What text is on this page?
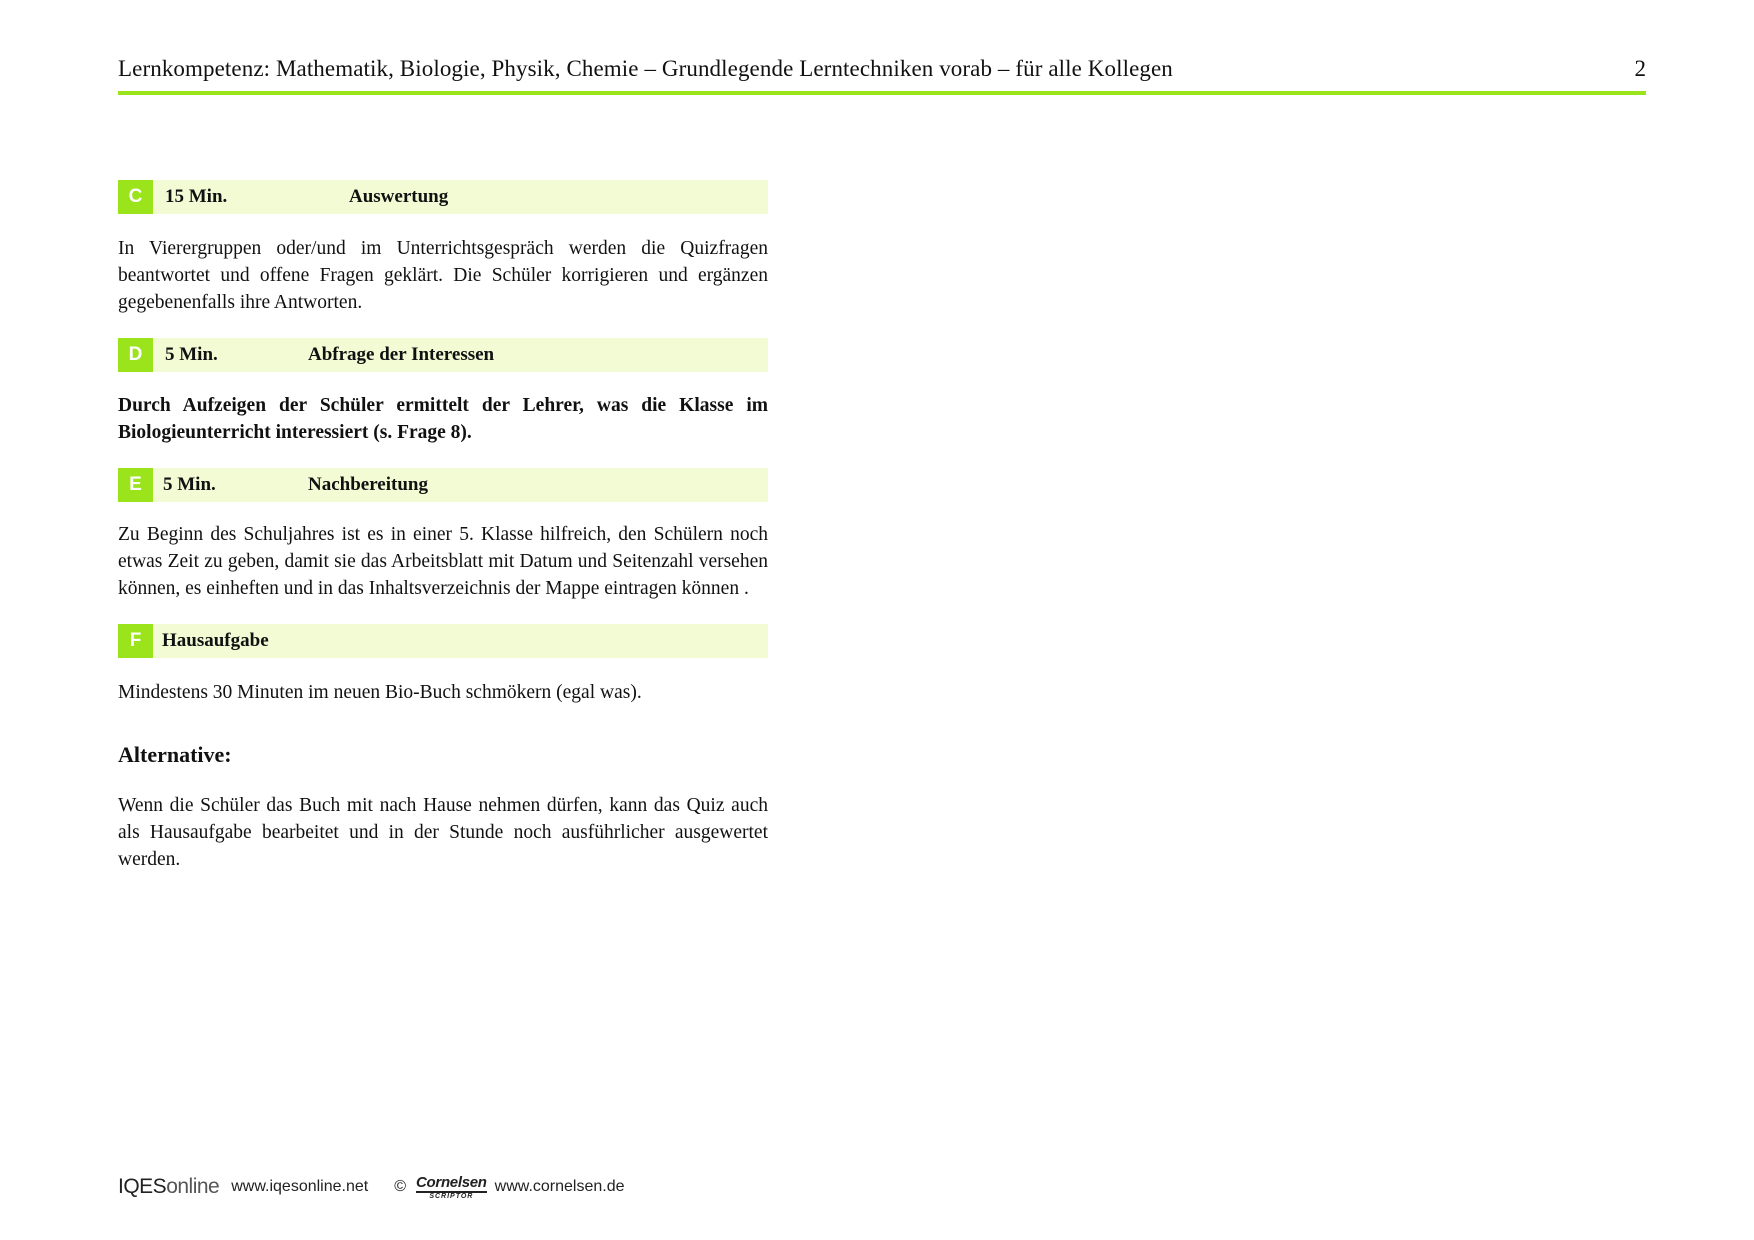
Lernkompetenz: Mathematik, Biologie, Physik, Chemie – Grundlegende Lerntechniken vorab – für alle Kollegen	2
C	15 Min.	Auswertung

In Vierergruppen oder/und im Unterrichtsgespräch werden die Quizfragen beantwortet und offene Fragen geklärt. Die Schüler korrigieren und ergänzen gegebenenfalls ihre Antworten.

D	5 Min.	Abfrage der Interessen

Durch Aufzeigen der Schüler ermittelt der Lehrer, was die Klasse im Biologieunterricht interessiert (s. Frage 8).

E	5 Min.	Nachbereitung

Zu Beginn des Schuljahres ist es in einer 5. Klasse hilfreich, den Schülern noch etwas Zeit zu geben, damit sie das Arbeitsblatt mit Datum und Seitenzahl versehen können, es einheften und in das Inhaltsverzeichnis der Mappe eintragen können .

F	Hausaufgabe

Mindestens 30 Minuten im neuen Bio-Buch schmökern (egal was).

Alternative:

Wenn die Schüler das Buch mit nach Hause nehmen dürfen, kann das Quiz auch als Hausaufgabe bearbeitet und in der Stunde noch ausführlicher ausgewertet werden.

IQESonline www.iqesonline.net © Cornelsen
SCRIPTOR
www.cornelsen.de
